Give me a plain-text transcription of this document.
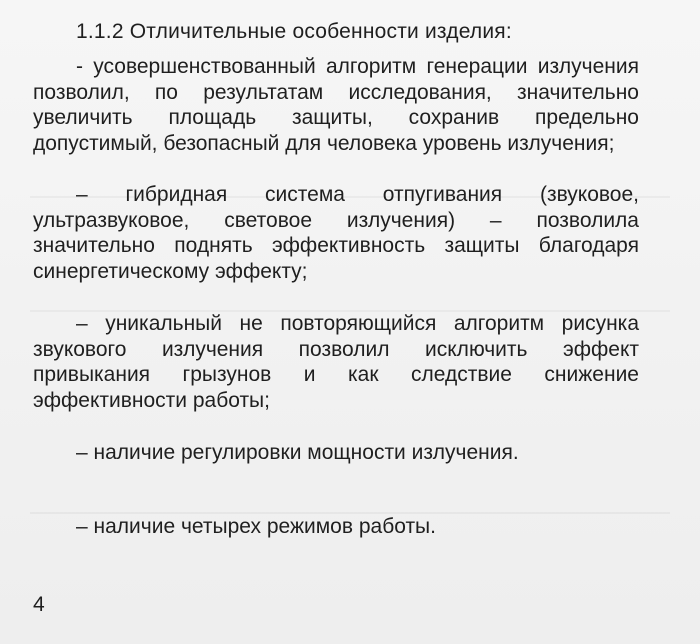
1.1.2 Отличительные особенности изделия:

- усовершенствованный алгоритм генерации излучения позволил, по результатам исследования, значительно увеличить площадь защиты, сохранив предельно допустимый, безопасный для человека уровень излучения;

– гибридная система отпугивания (звуковое, ультразвуковое, световое излучения) – позволила значительно поднять эффективность защиты благодаря синергетическому эффекту;

– уникальный не повторяющийся алгоритм рисунка звукового излучения позволил исключить эффект привыкания грызунов и как следствие снижение эффективности работы;

– наличие регулировки мощности излучения.

– наличие четырех режимов работы.

4
